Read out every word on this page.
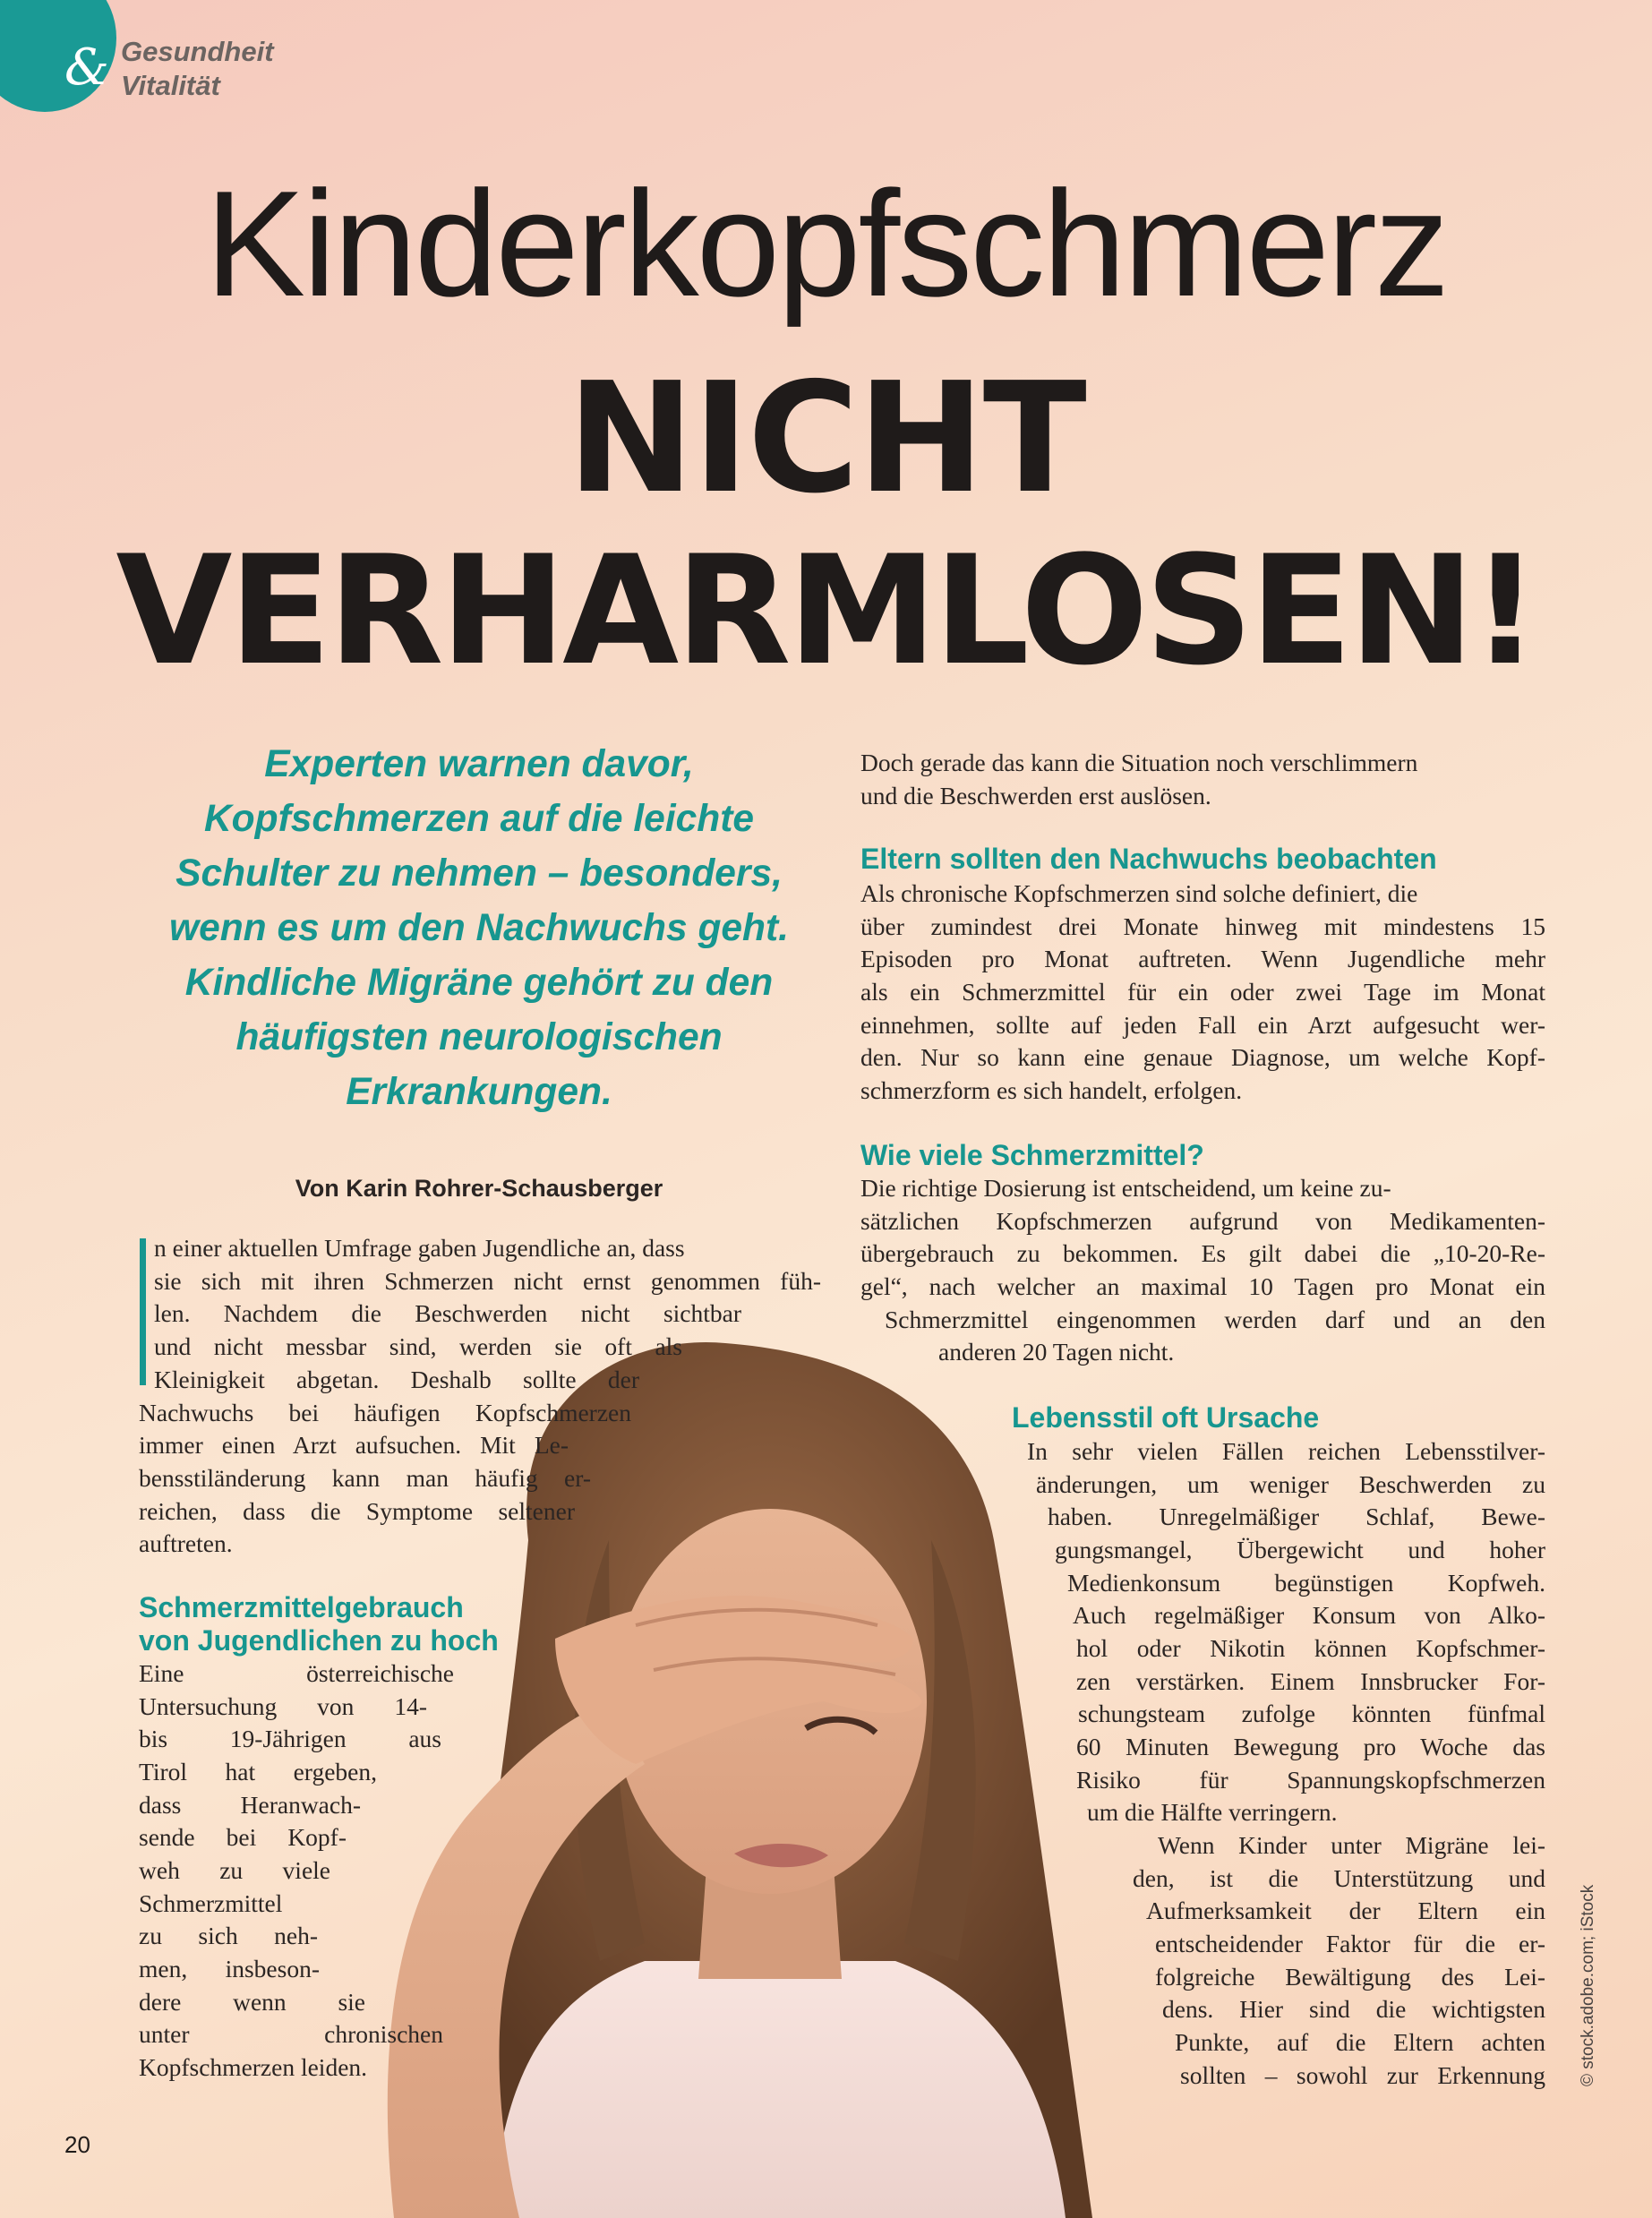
& Gesundheit
Vitalität
Kinderkopfschmerz
NICHT
VERHARMLOSEN!
Experten warnen davor, Kopfschmerzen auf die leichte Schulter zu nehmen – besonders, wenn es um den Nachwuchs geht. Kindliche Migräne gehört zu den häufigsten neurologischen Erkrankungen.
Von Karin Rohrer-Schausberger
n einer aktuellen Umfrage gaben Jugendliche an, dass
sie sich mit ihren Schmerzen nicht ernst genommen füh-
len. Nachdem die Beschwerden nicht sichtbar
und nicht messbar sind, werden sie oft als
Kleinigkeit abgetan. Deshalb sollte der
Nachwuchs bei häufigen Kopfschmerzen
immer einen Arzt aufsuchen. Mit Le-
bensstiländerung kann man häufig er-
reichen, dass die Symptome seltener
auftreten.
Schmerzmittelgebrauch
von Jugendlichen zu hoch
Eine österreichische
Untersuchung von 14-
bis 19-Jährigen aus
Tirol hat ergeben,
dass Heranwach-
sende bei Kopf-
weh zu viele
Schmerzmittel
zu sich neh-
men, insbeson-
dere wenn sie
unter chronischen
Kopfschmerzen leiden.
Doch gerade das kann die Situation noch verschlimmern
und die Beschwerden erst auslösen.
Eltern sollten den Nachwuchs beobachten
Als chronische Kopfschmerzen sind solche definiert, die
über zumindest drei Monate hinweg mit mindestens 15
Episoden pro Monat auftreten. Wenn Jugendliche mehr
als ein Schmerzmittel für ein oder zwei Tage im Monat
einnehmen, sollte auf jeden Fall ein Arzt aufgesucht wer-
den. Nur so kann eine genaue Diagnose, um welche Kopf-
schmerzform es sich handelt, erfolgen.
Wie viele Schmerzmittel?
Die richtige Dosierung ist entscheidend, um keine zu-
sätzlichen Kopfschmerzen aufgrund von Medikamenten-
übergebrauch zu bekommen. Es gilt dabei die „10-20-Re-
gel“, nach welcher an maximal 10 Tagen pro Monat ein
Schmerzmittel eingenommen werden darf und an den
anderen 20 Tagen nicht.
Lebensstil oft Ursache
In sehr vielen Fällen reichen Lebensstilver-
änderungen, um weniger Beschwerden zu
haben. Unregelmäßiger Schlaf, Bewe-
gungsmangel, Übergewicht und hoher
Medienkonsum begünstigen Kopfweh.
Auch regelmäßiger Konsum von Alko-
hol oder Nikotin können Kopfschmer-
zen verstärken. Einem Innsbrucker For-
schungsteam zufolge könnten fünfmal
60 Minuten Bewegung pro Woche das
Risiko für Spannungskopfschmerzen
um die Hälfte verringern.
Wenn Kinder unter Migräne lei-
den, ist die Unterstützung und
Aufmerksamkeit der Eltern ein
entscheidender Faktor für die er-
folgreiche Bewältigung des Lei-
dens. Hier sind die wichtigsten
Punkte, auf die Eltern achten
sollten – sowohl zur Erkennung © stock.adobe.com; iStock
20
